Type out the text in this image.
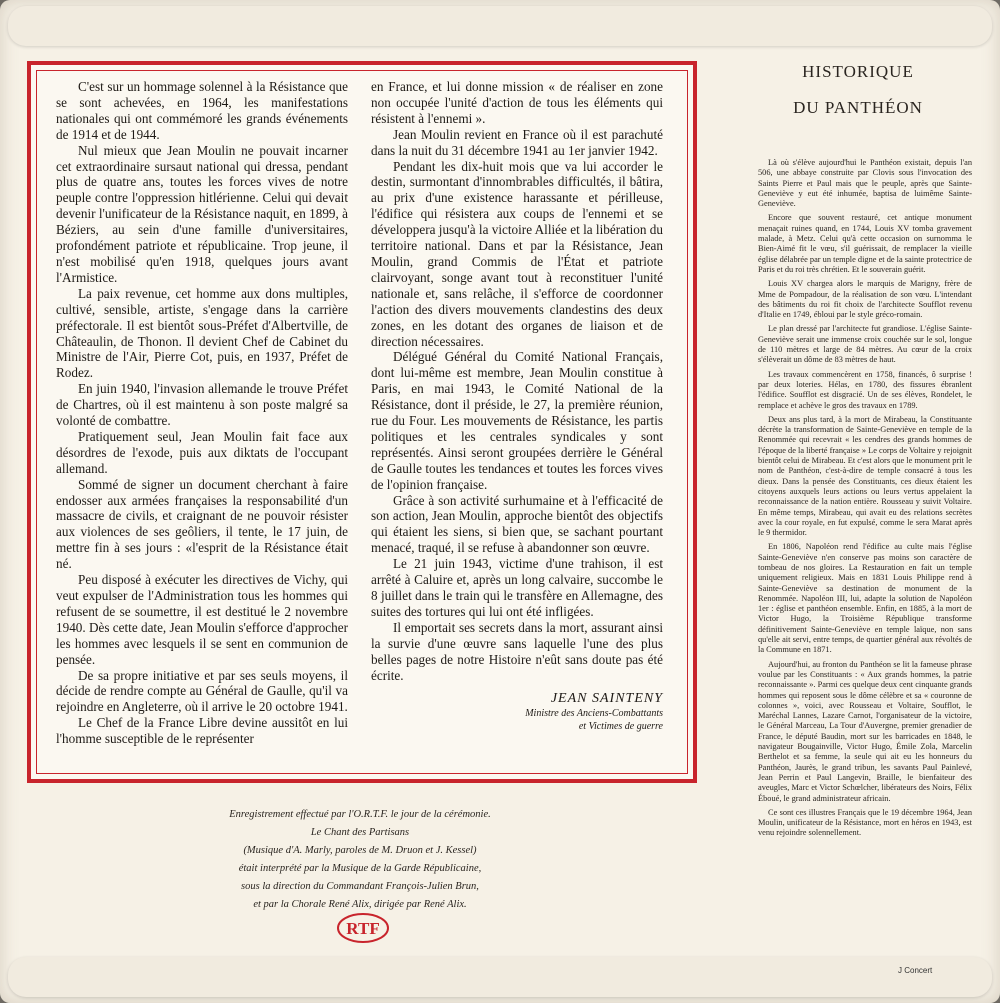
C'est sur un hommage solennel à la Résistance que se sont achevées, en 1964, les manifestations nationales qui ont commémoré les grands événements de 1914 et de 1944.

Nul mieux que Jean Moulin ne pouvait incarner cet extraordinaire sursaut national qui dressa, pendant plus de quatre ans, toutes les forces vives de notre peuple contre l'oppression hitlérienne. Celui qui devait devenir l'unificateur de la Résistance naquit, en 1899, à Béziers, au sein d'une famille d'universitaires, profondément patriote et républicaine. Trop jeune, il n'est mobilisé qu'en 1918, quelques jours avant l'Armistice.

La paix revenue, cet homme aux dons multiples, cultivé, sensible, artiste, s'engage dans la carrière préfectorale. Il est bientôt sous-Préfet d'Albertville, de Châteaulin, de Thonon. Il devient Chef de Cabinet du Ministre de l'Air, Pierre Cot, puis, en 1937, Préfet de Rodez.

En juin 1940, l'invasion allemande le trouve Préfet de Chartres, où il est maintenu à son poste malgré sa volonté de combattre.

Pratiquement seul, Jean Moulin fait face aux désordres de l'exode, puis aux diktats de l'occupant allemand.

Sommé de signer un document cherchant à faire endosser aux armées françaises la responsabilité d'un massacre de civils, et craignant de ne pouvoir résister aux violences de ses geôliers, il tente, le 17 juin, de mettre fin à ses jours : «l'esprit de la Résistance était né.

Peu disposé à exécuter les directives de Vichy, qui veut expulser de l'Administration tous les hommes qui refusent de se soumettre, il est destitué le 2 novembre 1940. Dès cette date, Jean Moulin s'efforce d'approcher les hommes avec lesquels il se sent en communion de pensée.

De sa propre initiative et par ses seuls moyens, il décide de rendre compte au Général de Gaulle, qu'il va rejoindre en Angleterre, où il arrive le 20 octobre 1941.

Le Chef de la France Libre devine aussitôt en lui l'homme susceptible de le représenter

en France, et lui donne mission « de réaliser en zone non occupée l'unité d'action de tous les éléments qui résistent à l'ennemi ».

Jean Moulin revient en France où il est parachuté dans la nuit du 31 décembre 1941 au 1er janvier 1942.

Pendant les dix-huit mois que va lui accorder le destin, surmontant d'innombrables difficultés, il bâtira, au prix d'une existence harassante et périlleuse, l'édifice qui résistera aux coups de l'ennemi et se développera jusqu'à la victoire Alliée et la libération du territoire national. Dans et par la Résistance, Jean Moulin, grand Commis de l'État et patriote clairvoyant, songe avant tout à reconstituer l'unité nationale et, sans relâche, il s'efforce de coordonner l'action des divers mouvements clandestins des deux zones, en les dotant des organes de liaison et de direction nécessaires.

Délégué Général du Comité National Français, dont lui-même est membre, Jean Moulin constitue à Paris, en mai 1943, le Comité National de la Résistance, dont il préside, le 27, la première réunion, rue du Four. Les mouvements de Résistance, les partis politiques et les centrales syndicales y sont représentés. Ainsi seront groupées derrière le Général de Gaulle toutes les tendances et toutes les forces vives de l'opinion française.

Grâce à son activité surhumaine et à l'efficacité de son action, Jean Moulin, approche bientôt des objectifs qui étaient les siens, si bien que, se sachant pourtant menacé, traqué, il se refuse à abandonner son œuvre.

Le 21 juin 1943, victime d'une trahison, il est arrêté à Caluire et, après un long calvaire, succombe le 8 juillet dans le train qui le transfère en Allemagne, des suites des tortures qui lui ont été infligées.

Il emportait ses secrets dans la mort, assurant ainsi la survie d'une œuvre sans laquelle l'une des plus belles pages de notre Histoire n'eût sans doute pas été écrite.

JEAN SAINTENY
Ministre des Anciens-Combattants
et Victimes de guerre
HISTORIQUE
DU PANTHÉON

Là où s'élève aujourd'hui le Panthéon existait, depuis l'an 506, une abbaye construite par Clovis sous l'invocation des Saints Pierre et Paul mais que le peuple, après que Sainte-Geneviève y eut été inhumée, baptisa de luimême Sainte-Geneviève.

Encore que souvent restauré, cet antique monument menaçait ruines quand, en 1744, Louis XV tomba gravement malade, à Metz. Celui qu'à cette occasion on surnomma le Bien-Aimé fit le vœu, s'il guérissait, de remplacer la vieille église délabrée par un temple digne et de la sainte protectrice de Paris et du roi très chrétien. Et le souverain guérit.

Louis XV chargea alors le marquis de Marigny, frère de Mme de Pompadour, de la réalisation de son vœu. L'intendant des bâtiments du roi fit choix de l'architecte Soufflot revenu d'Italie en 1749, ébloui par le style gréco-romain.

Le plan dressé par l'architecte fut grandiose. L'église Sainte-Geneviève serait une immense croix couchée sur le sol, longue de 110 mètres et large de 84 mètres. Au cœur de la croix s'élèverait un dôme de 83 mètres de haut.

Les travaux commencèrent en 1758, financés, ô surprise ! par deux loteries. Hélas, en 1780, des fissures ébranlent l'édifice. Soufflot est disgracié. Un de ses élèves, Rondelet, le remplace et achève le gros des travaux en 1789.

Deux ans plus tard, à la mort de Mirabeau, la Constituante décrète la transformation de Sainte-Geneviève en temple de la Renommée qui recevrait « les cendres des grands hommes de l'époque de la liberté française » Le corps de Voltaire y rejoignit bientôt celui de Mirabeau. Et c'est alors que le monument prit le nom de Panthéon, c'est-à-dire de temple consacré à tous les dieux. Dans la pensée des Constituants, ces dieux étaient les citoyens auxquels leurs actions ou leurs vertus appelaient la reconnaissance de la nation entière. Rousseau y suivit Voltaire. En même temps, Mirabeau, qui avait eu des relations secrètes avec la cour royale, en fut expulsé, comme le sera Marat après le 9 thermidor.

En 1806, Napoléon rend l'édifice au culte mais l'église Sainte-Geneviève n'en conserve pas moins son caractère de tombeau de nos gloires. La Restauration en fait un temple uniquement religieux. Mais en 1831 Louis Philippe rend à Sainte-Geneviève sa destination de monument de la Renommée. Napoléon III, lui, adapte la solution de Napoléon 1er : église et panthéon ensemble. Enfin, en 1885, à la mort de Victor Hugo, la Troisième République transforme définitivement Sainte-Geneviève en temple laïque, non sans qu'elle ait servi, entre temps, de quartier général aux révoltés de la Commune en 1871.

Aujourd'hui, au fronton du Panthéon se lit la fameuse phrase voulue par les Constituants : « Aux grands hommes, la patrie reconnaissante ». Parmi ces quelque deux cent cinquante grands hommes qui reposent sous le dôme célèbre et sa « couronne de colonnes », voici, avec Rousseau et Voltaire, Soufflot, le Maréchal Lannes, Lazare Carnot, l'organisateur de la victoire, le Général Marceau, La Tour d'Auvergne, premier grenadier de France, le député Baudin, mort sur les barricades en 1848, le navigateur Bougainville, Victor Hugo, Émile Zola, Marcelin Berthelot et sa femme, la seule qui ait eu les honneurs du Panthéon, Jaurès, le grand tribun, les savants Paul Painlevé, Jean Perrin et Paul Langevin, Braille, le bienfaiteur des aveugles, Marc et Victor Schœlcher, libérateurs des Noirs, Félix Éboué, le grand administrateur africain.

Ce sont ces illustres Français que le 19 décembre 1964, Jean Moulin, unificateur de la Résistance, mort en héros en 1943, est venu rejoindre solennellement.

Enregistrement effectué par l'O.R.T.F. le jour de la cérémonie.
Le Chant des Partisans
(Musique d'A. Marly, paroles de M. Druon et J. Kessel)
était interprété par la Musique de la Garde Républicaine,
sous la direction du Commandant François-Julien Brun,
et par la Chorale René Alix, dirigée par René Alix.
RTF
J Concert
